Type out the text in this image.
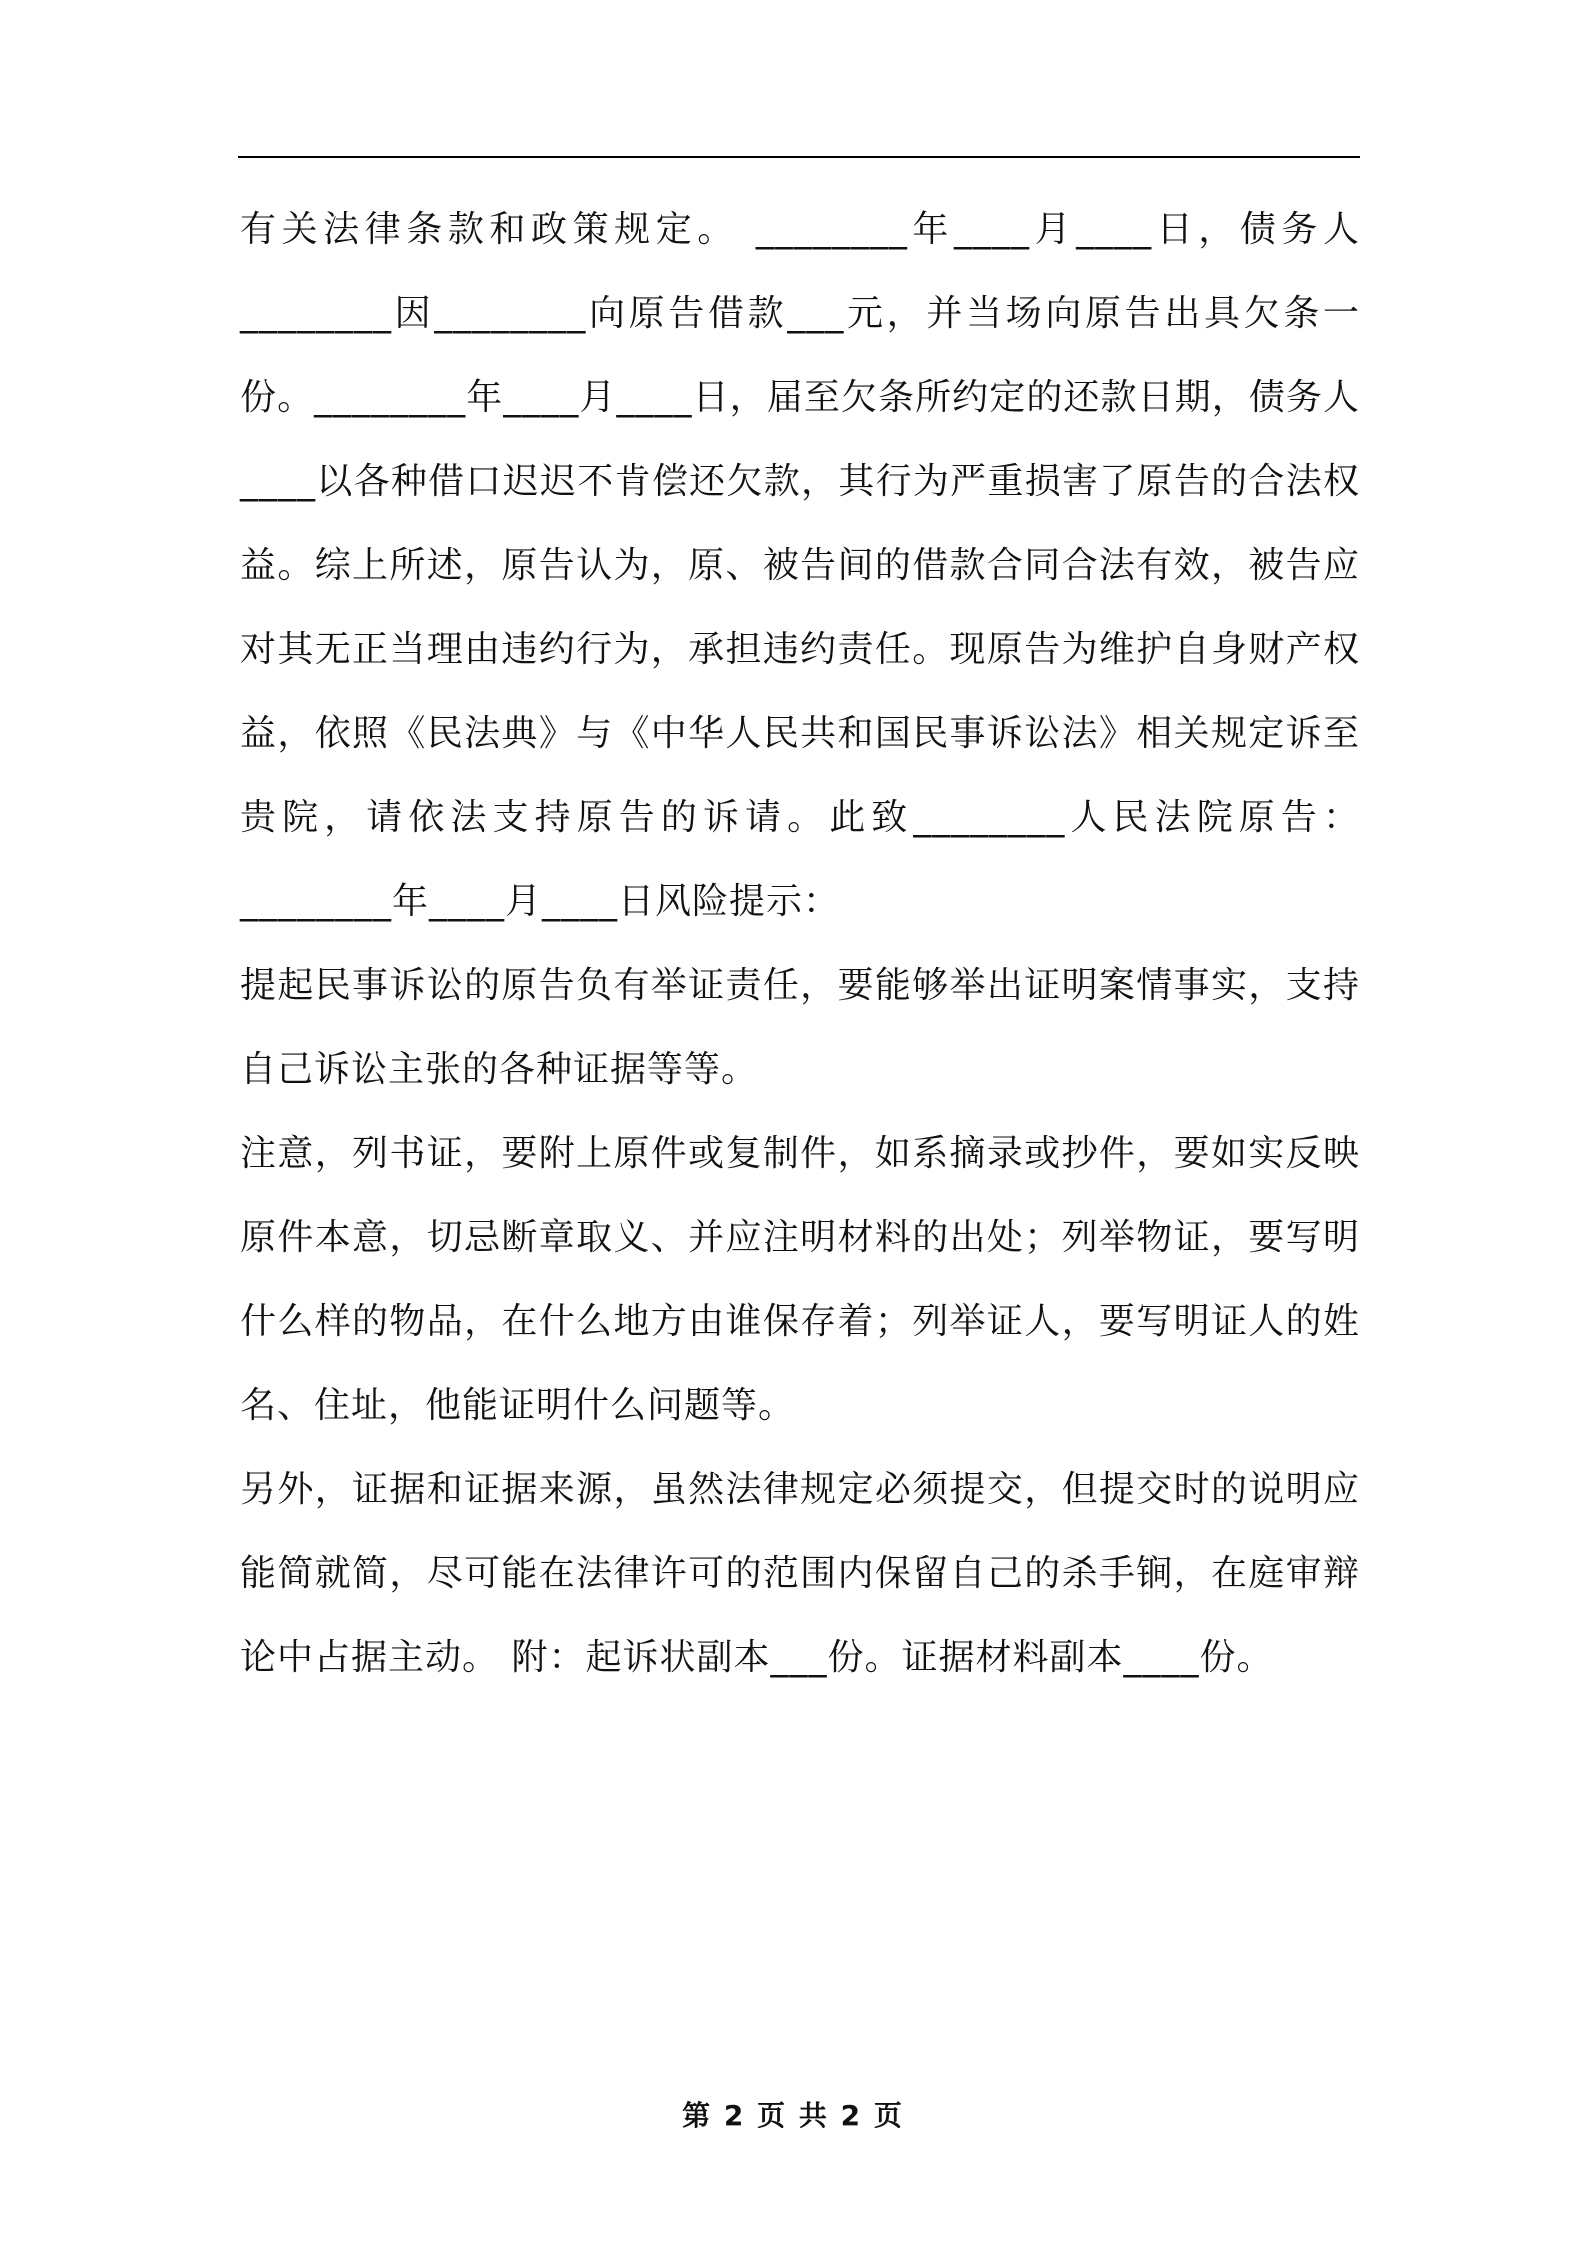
有关法律条款和政策规定。 ________年____月____日，债务人________因________向原告借款___元，并当场向原告出具欠条一份。________年____月____日，届至欠条所约定的还款日期，债务人____以各种借口迟迟不肯偿还欠款，其行为严重损害了原告的合法权益。综上所述，原告认为，原、被告间的借款合同合法有效，被告应对其无正当理由违约行为，承担违约责任。现原告为维护自身财产权益，依照《民法典》与《中华人民共和国民事诉讼法》相关规定诉至贵院，请依法支持原告的诉请。此致________人民法院原告：________年____月____日风险提示：

提起民事诉讼的原告负有举证责任，要能够举出证明案情事实，支持自己诉讼主张的各种证据等等。

注意，列书证，要附上原件或复制件，如系摘录或抄件，要如实反映原件本意，切忌断章取义、并应注明材料的出处；列举物证，要写明什么样的物品，在什么地方由谁保存着；列举证人，要写明证人的姓名、住址，他能证明什么问题等。

另外，证据和证据来源，虽然法律规定必须提交，但提交时的说明应能简就简，尽可能在法律许可的范围内保留自己的杀手锏，在庭审辩论中占据主动。 附：起诉状副本___份。证据材料副本____份。

第 2 页 共 2 页
